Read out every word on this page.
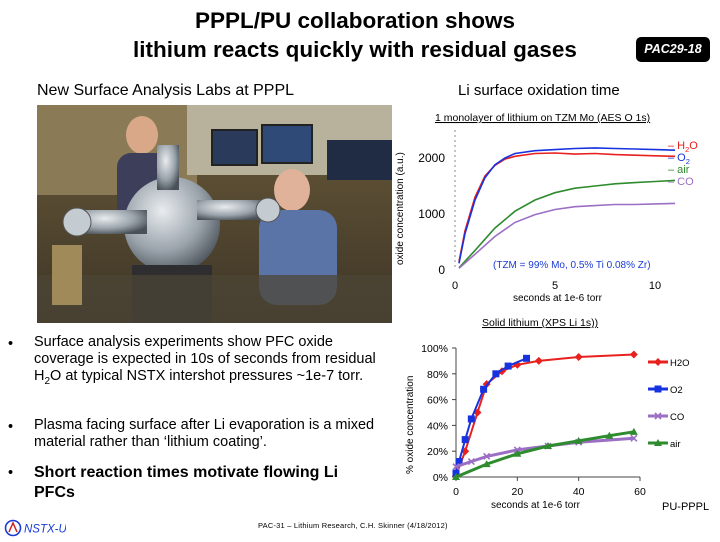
PPPL/PU collaboration shows
lithium reacts quickly with residual gases	PAC29-18
New Surface Analysis Labs at PPPL	Li surface oxidation time
1 monolayer of lithium on TZM Mo (AES O 1s)
oxide concentration (a.u.)
0
1000
2000
0	5	10
– $H_2O$
– $O_2$
– air
– CO
(TZM = 99% Mo, 0.5% Ti 0.08% Zr)
seconds at 1e-6 torr
Solid lithium (XPS Li 1s))
% oxide concentration
0%
20%
40%
60%
80%
100%
0	20	40	60
H2O
O2
CO
air
seconds at 1e-6 torr
•	Surface analysis experiments show PFC oxide coverage is expected in 10s of seconds from residual $H_2O$ at typical NSTX intershot pressures ~1e-7 torr.
•	Plasma facing surface after Li evaporation is a mixed material rather than ‘lithium coating’.
•	Short reaction times motivate flowing Li PFCs
NSTX-U	PAC-31 – Lithium Research, C.H. Skinner (4/18/2012)
PU-PPPL
